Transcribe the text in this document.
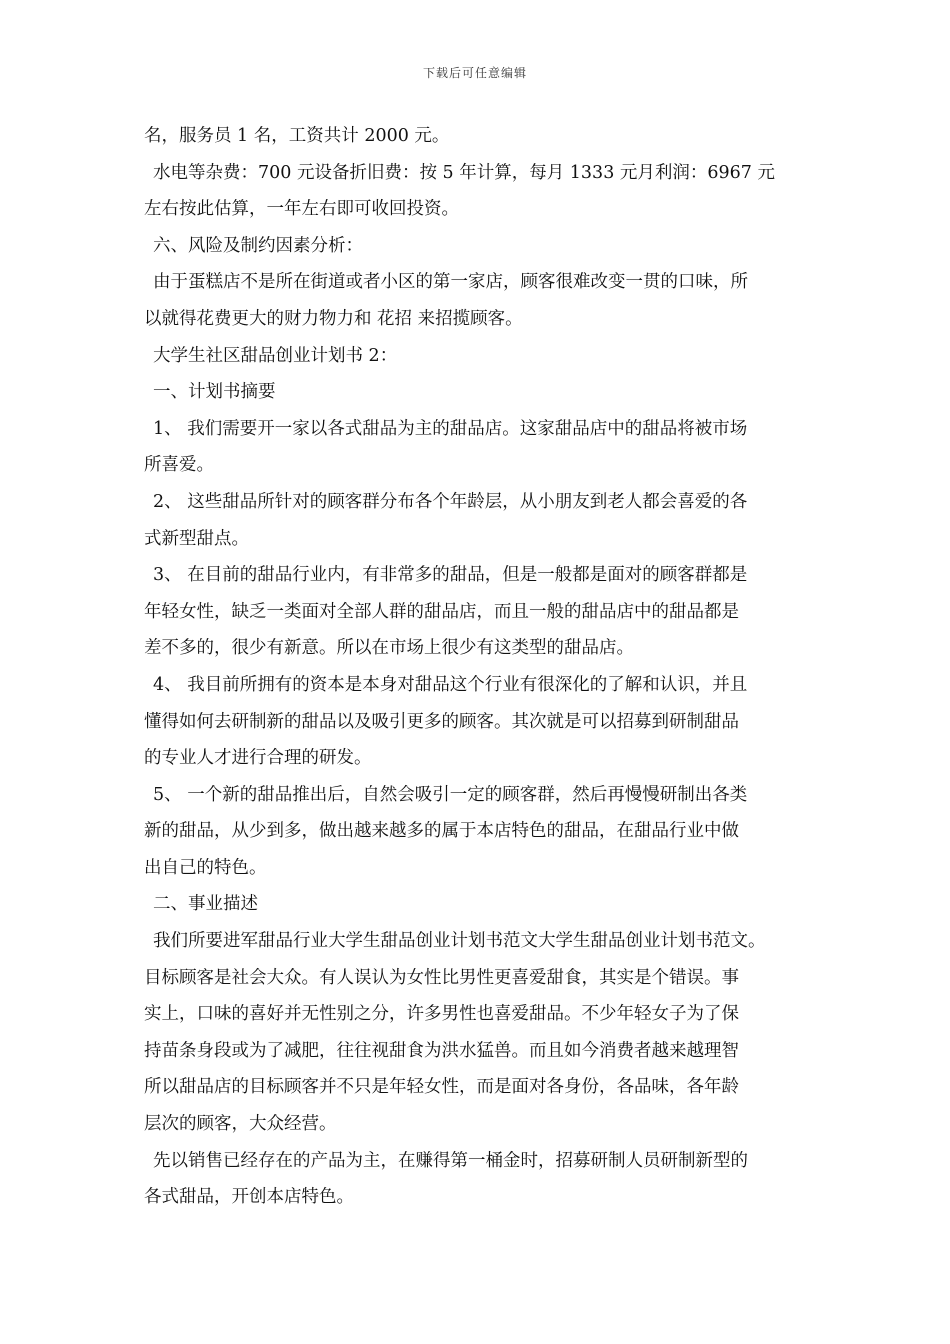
下载后可任意编辑
名，服务员 1 名，工资共计 2000 元。
水电等杂费：700 元设备折旧费：按 5 年计算，每月 1333 元月利润：6967 元
左右按此估算，一年左右即可收回投资。
六、风险及制约因素分析：
由于蛋糕店不是所在街道或者小区的第一家店，顾客很难改变一贯的口味，所
以就得花费更大的财力物力和 花招 来招揽顾客。
大学生社区甜品创业计划书 2：
一、计划书摘要
1、 我们需要开一家以各式甜品为主的甜品店。这家甜品店中的甜品将被市场
所喜爱。
2、 这些甜品所针对的顾客群分布各个年龄层，从小朋友到老人都会喜爱的各
式新型甜点。
3、 在目前的甜品行业内，有非常多的甜品，但是一般都是面对的顾客群都是
年轻女性，缺乏一类面对全部人群的甜品店，而且一般的甜品店中的甜品都是
差不多的，很少有新意。所以在市场上很少有这类型的甜品店。
4、 我目前所拥有的资本是本身对甜品这个行业有很深化的了解和认识，并且
懂得如何去研制新的甜品以及吸引更多的顾客。其次就是可以招募到研制甜品
的专业人才进行合理的研发。
5、 一个新的甜品推出后，自然会吸引一定的顾客群，然后再慢慢研制出各类
新的甜品，从少到多，做出越来越多的属于本店特色的甜品，在甜品行业中做
出自己的特色。
二、事业描述
我们所要进军甜品行业大学生甜品创业计划书范文大学生甜品创业计划书范文。
目标顾客是社会大众。有人误认为女性比男性更喜爱甜食，其实是个错误。事
实上，口味的喜好并无性别之分，许多男性也喜爱甜品。不少年轻女子为了保
持苗条身段或为了减肥，往往视甜食为洪水猛兽。而且如今消费者越来越理智
所以甜品店的目标顾客并不只是年轻女性，而是面对各身份，各品味，各年龄
层次的顾客，大众经营。
先以销售已经存在的产品为主，在赚得第一桶金时，招募研制人员研制新型的
各式甜品，开创本店特色。
